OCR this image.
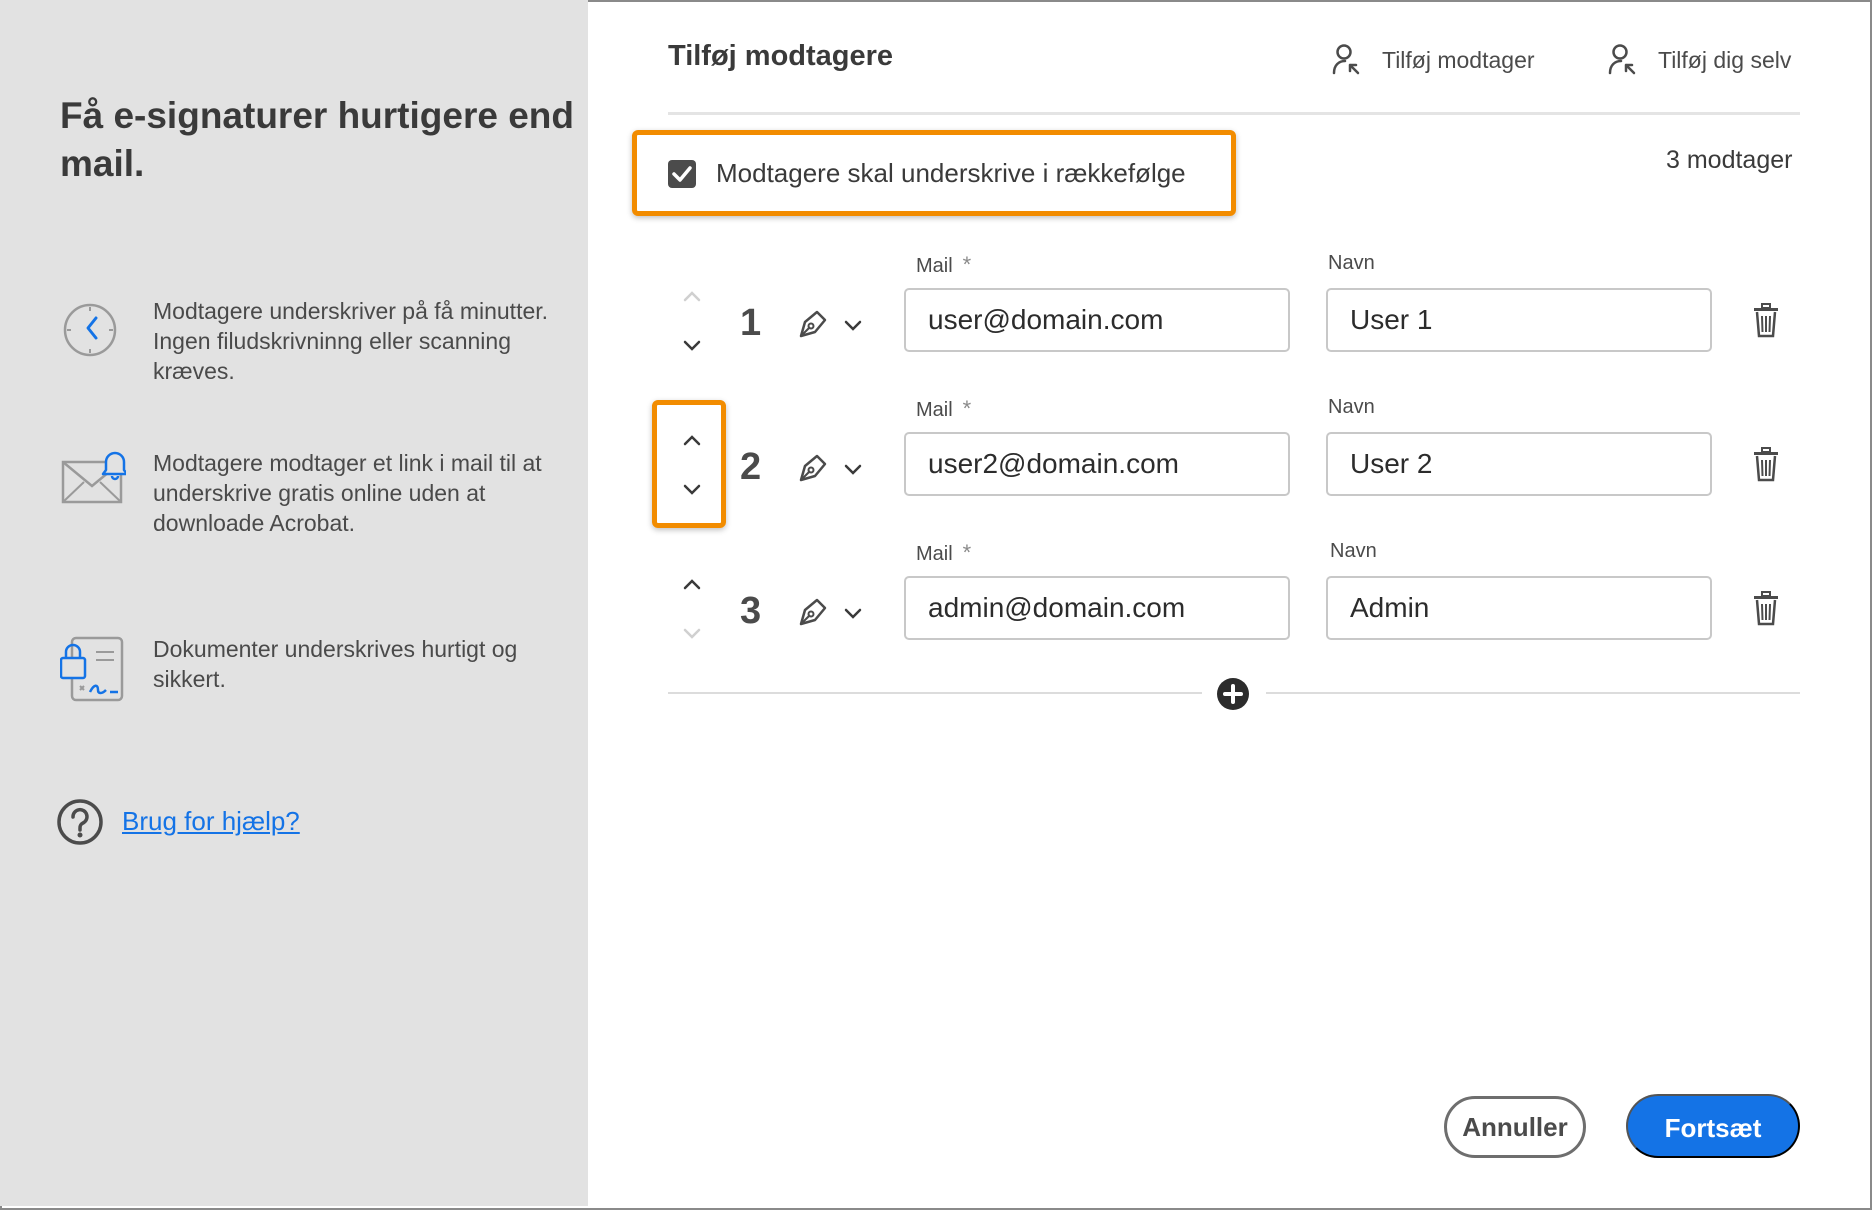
Få e-signaturer hurtigere end mail.
Modtagere underskriver på få minutter. Ingen filudskrivninng eller scanning kræves.
Modtagere modtager et link i mail til at underskrive gratis online uden at downloade Acrobat.
Dokumenter underskrives hurtigt og sikkert.
Brug for hjælp?
Tilføj modtagere	Tilføj modtager	Tilføj dig selv
Modtagere skal underskrive i rækkefølge	3 modtager
Mail *	Navn
1	user@domain.com	User 1
Mail *	Navn
2	user2@domain.com	User 2
Mail *	Navn
3	admin@domain.com	Admin
Annuller	Fortsæt
